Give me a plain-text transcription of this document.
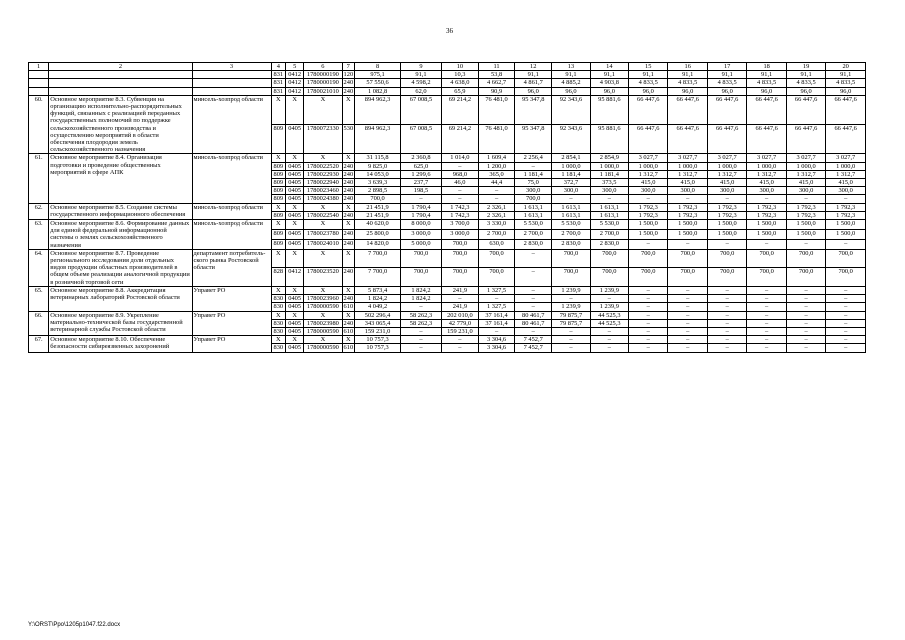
36
1	2	3	4	5	6	7	8	9	10	11	12	13	14	15	16	17	18	19	20
			831	0412	1780000190	120	975,1	91,1	10,3	53,8	91,1	91,1	91,1	91,1	91,1	91,1	91,1	91,1	91,1
			831	0412	1780000190	240	57 550,6	4 598,2	4 638,0	4 662,7	4 861,7	4 885,2	4 903,8	4 833,5	4 833,5	4 833,5	4 833,5	4 833,5	4 833,5
			831	0412	1780021010	240	1 082,8	62,0	65,9	90,9	96,0	96,0	96,0	96,0	96,0	96,0	96,0	96,0	96,0
60.	Основное мероприятие 8.3. Субвенция на организацию исполнительно-распорядительных функций, связанных с реализацией переданных государственных полномочий по поддержке сельскохозяйственного производства и осуществлению мероприятий в области обеспечения плодородия земель сельскохозяйственного назначения	минсель-хозпрод области	X	X	X	X	894 962,3	67 008,5	69 214,2	76 481,0	95 347,8	92 343,6	95 881,6	66 447,6	66 447,6	66 447,6	66 447,6	66 447,6	66 447,6
			809	0405	1780072330	530	894 962,3	67 008,5	69 214,2	76 481,0	95 347,8	92 343,6	95 881,6	66 447,6	66 447,6	66 447,6	66 447,6	66 447,6	66 447,6
61.	Основное мероприятие 8.4. Организация подготовки и проведение общественных мероприятий в сфере АПК	минсель-хозпрод области	X	X	X	X	31 115,8	2 360,8	1 014,0	1 609,4	2 256,4	2 854,1	2 854,9	3 027,7	3 027,7	3 027,7	3 027,7	3 027,7	3 027,7
			809	0405	1780022520	240	9 825,0	625,0	–	1 200,0	–	1 000,0	1 000,0	1 000,0	1 000,0	1 000,0	1 000,0	1 000,0	1 000,0
			809	0405	1780022930	240	14 053,0	1 299,6	968,0	365,0	1 181,4	1 181,4	1 181,4	1 312,7	1 312,7	1 312,7	1 312,7	1 312,7	1 312,7
			809	0405	1780022940	240	3 639,3	237,7	46,0	44,4	75,0	372,7	373,5	415,0	415,0	415,0	415,0	415,0	415,0
			809	0405	1780023460	240	2 898,5	198,5	–	–	300,0	300,0	300,0	300,0	300,0	300,0	300,0	300,0	300,0
			809	0405	1780024380	240	700,0	–	–	–	700,0	–	–	–	–	–	–	–	–
62.	Основное мероприятие 8.5. Создание системы государственного информационного обеспечения	минсель-хозпрод области	X	X	X	X	21 451,9	1 790,4	1 742,3	2 326,1	1 613,1	1 613,1	1 613,1	1 792,3	1 792,3	1 792,3	1 792,3	1 792,3	1 792,3
			809	0405	1780022540	240	21 451,9	1 790,4	1 742,3	2 326,1	1 613,1	1 613,1	1 613,1	1 792,3	1 792,3	1 792,3	1 792,3	1 792,3	1 792,3
63.	Основное мероприятие 8.6. Формирование данных для единой федеральной информационной системы о землях сельскохозяйственного назначения	минсель-хозпрод области	X	X	X	X	40 620,0	8 000,0	3 700,0	3 330,0	5 530,0	5 530,0	5 530,0	1 500,0	1 500,0	1 500,0	1 500,0	1 500,0	1 500,0
			809	0405	1780023780	240	25 800,0	3 000,0	3 000,0	2 700,0	2 700,0	2 700,0	2 700,0	1 500,0	1 500,0	1 500,0	1 500,0	1 500,0	1 500,0
			809	0405	1780024010	240	14 820,0	5 000,0	700,0	630,0	2 830,0	2 830,0	2 830,0	–	–	–	–	–	–
64.	Основное мероприятие 8.7. Проведение регионального исследования доли отдельных видов продукции областных производителей в общем объеме реализации аналогичной продукции в розничной торговой сети	департамент потребитель-ского рынка Ростовской области	X	X	X	X	7 700,0	700,0	700,0	700,0	–	700,0	700,0	700,0	700,0	700,0	700,0	700,0	700,0
			828	0412	1780023520	240	7 700,0	700,0	700,0	700,0	–	700,0	700,0	700,0	700,0	700,0	700,0	700,0	700,0
65.	Основное мероприятие 8.8. Аккредитация ветеринарных лабораторий Ростовской области	Управет РО	X	X	X	X	5 873,4	1 824,2	241,9	1 327,5	–	1 239,9	1 239,9	–	–	–	–	–	–
			830	0405	1780023960	240	1 824,2	1 824,2	–	–	–	–	–	–	–	–	–	–	–
			830	0405	1780000590	610	4 049,2	–	241,9	1 327,5	–	1 239,9	1 239,9	–	–	–	–	–	–
66.	Основное мероприятие 8.9. Укрепление материально-технической базы государственной ветеринарной службы Ростовской области	Управет РО	X	X	X	X	502 296,4	58 262,3	202 010,0	37 161,4	80 461,7	79 875,7	44 525,3	–	–	–	–	–	–
			830	0405	1780023980	240	343 065,4	58 262,3	42 779,0	37 161,4	80 461,7	79 875,7	44 525,3	–	–	–	–	–	–
			830	0405	1780000590	610	159 231,0	–	159 231,0	–	–	–	–	–	–	–	–	–	–
67.	Основное мероприятие 8.10. Обеспечение безопасности сибиреязвенных захоронений	Управет РО	X	X	X	X	10 757,3	–	–	3 304,6	7 452,7	–	–	–	–	–	–	–	–
			830	0405	1780000590	610	10 757,3	–	–	3 304,6	7 452,7	–	–	–	–	–	–	–	–
Y:\ORST\Ppo\1205p1047.f22.docx
